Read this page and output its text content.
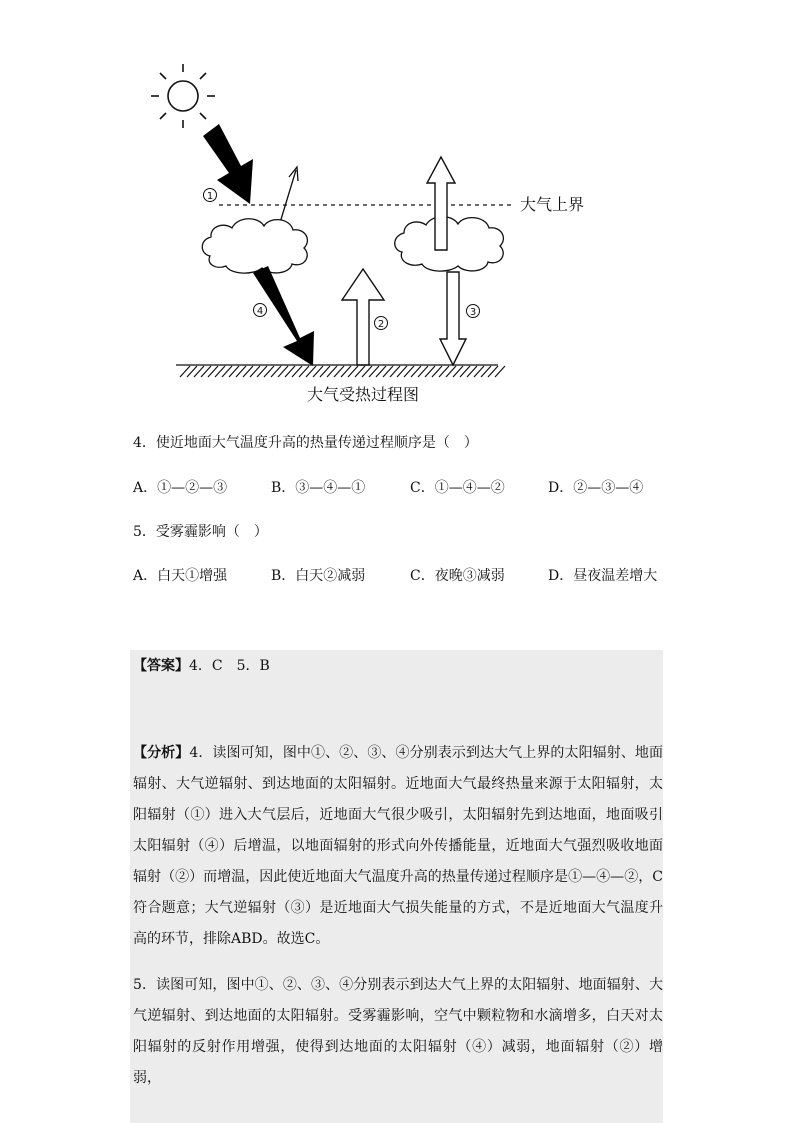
1
4
2
3
大气上界
大气受热过程图
4．使近地面大气温度升高的热量传递过程顺序是（　）
A．①—②—③	B．③—④—①	C．①—④—②	D．②—③—④
5．受雾霾影响（　）
A．白天①增强	B．白天②减弱	C．夜晚③减弱	D．昼夜温差增大
【答案】4．C　5．B

【分析】4．读图可知，图中①、②、③、④分别表示到达大气上界的太阳辐射、地面辐射、大气逆辐射、到达地面的太阳辐射。近地面大气最终热量来源于太阳辐射，太阳辐射（①）进入大气层后，近地面大气很少吸引，太阳辐射先到达地面，地面吸引太阳辐射（④）后增温，以地面辐射的形式向外传播能量，近地面大气强烈吸收地面辐射（②）而增温，因此使近地面大气温度升高的热量传递过程顺序是①—④—②，C符合题意；大气逆辐射（③）是近地面大气损失能量的方式，不是近地面大气温度升高的环节，排除ABD。故选C。

5．读图可知，图中①、②、③、④分别表示到达大气上界的太阳辐射、地面辐射、大气逆辐射、到达地面的太阳辐射。受雾霾影响，空气中颗粒物和水滴增多，白天对太阳辐射的反射作用增强，使得到达地面的太阳辐射（④）减弱，地面辐射（②）增弱，
